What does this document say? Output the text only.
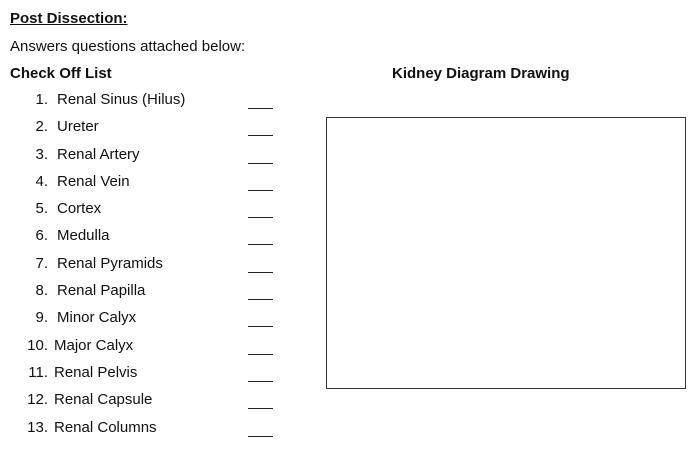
Post Dissection:
Answers questions attached below:
Check Off List	Kidney Diagram Drawing
1. Renal Sinus (Hilus)
2. Ureter
3. Renal Artery
4. Renal Vein
5. Cortex
6. Medulla
7. Renal Pyramids
8. Renal Papilla
9. Minor Calyx
10. Major Calyx
11. Renal Pelvis
12. Renal Capsule
13. Renal Columns
